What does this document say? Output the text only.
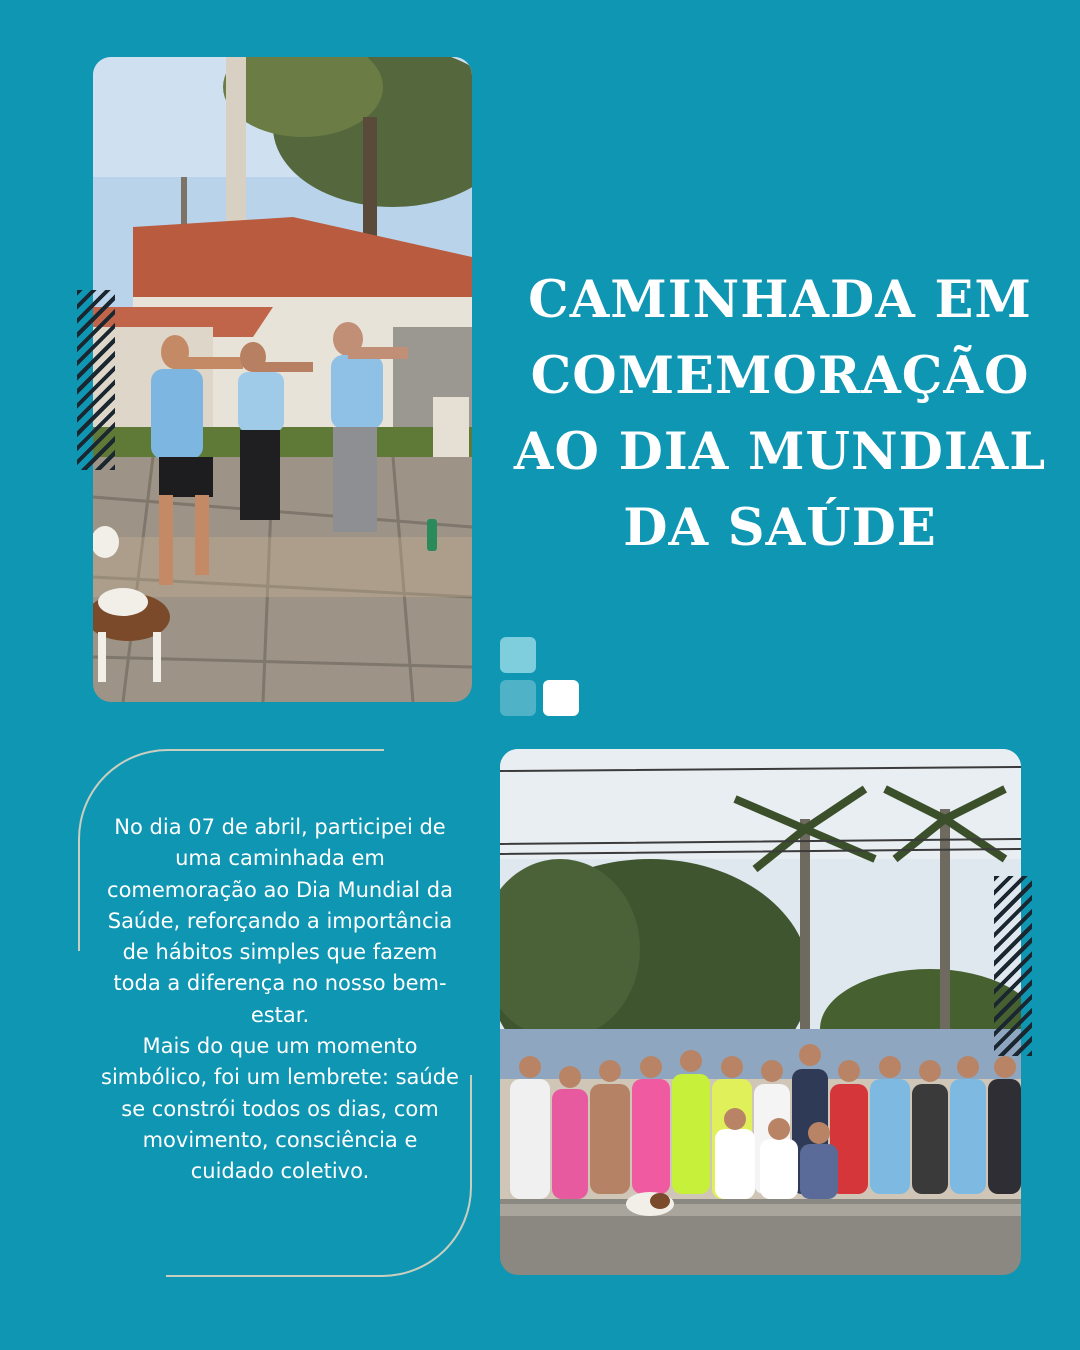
CAMINHADA EM COMEMORAÇÃO AO DIA MUNDIAL DA SAÚDE

No dia 07 de abril, participei de uma caminhada em comemoração ao Dia Mundial da Saúde, reforçando a importância de hábitos simples que fazem toda a diferença no nosso bem-estar.

Mais do que um momento simbólico, foi um lembrete: saúde se constrói todos os dias, com movimento, consciência e cuidado coletivo.
